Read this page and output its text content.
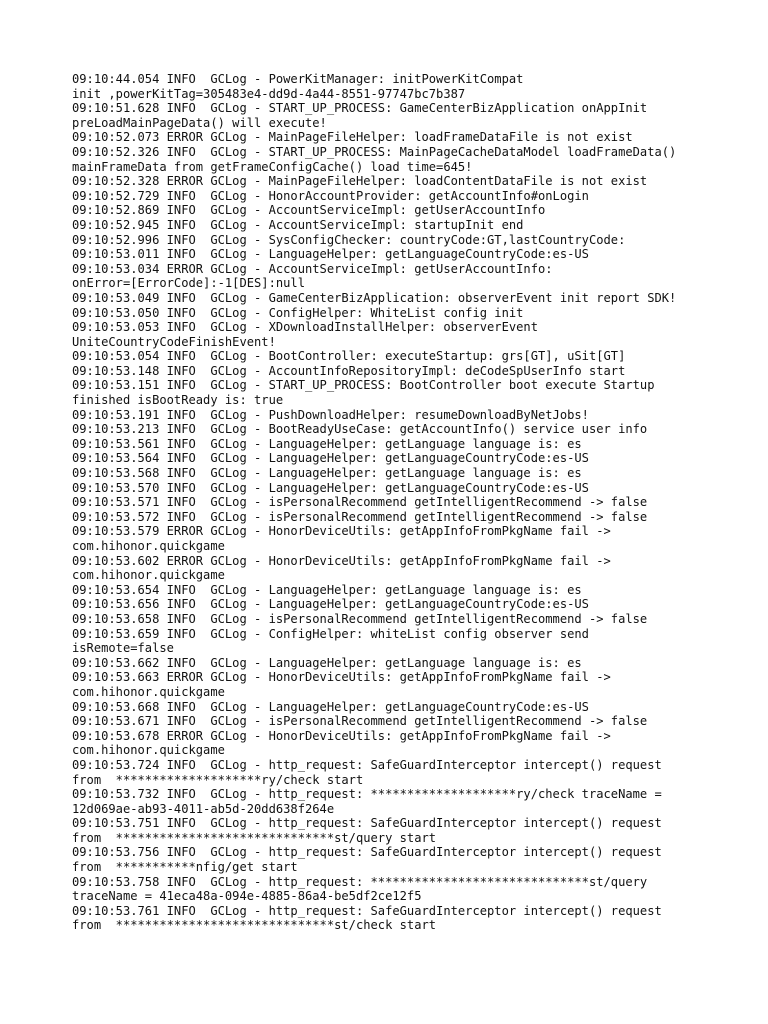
09:10:44.054 INFO  GCLog - PowerKitManager: initPowerKitCompat
init ,powerKitTag=305483e4-dd9d-4a44-8551-97747bc7b387
09:10:51.628 INFO  GCLog - START_UP_PROCESS: GameCenterBizApplication onAppInit
preLoadMainPageData() will execute!
09:10:52.073 ERROR GCLog - MainPageFileHelper: loadFrameDataFile is not exist
09:10:52.326 INFO  GCLog - START_UP_PROCESS: MainPageCacheDataModel loadFrameData()
mainFrameData from getFrameConfigCache() load time=645!
09:10:52.328 ERROR GCLog - MainPageFileHelper: loadContentDataFile is not exist
09:10:52.729 INFO  GCLog - HonorAccountProvider: getAccountInfo#onLogin
09:10:52.869 INFO  GCLog - AccountServiceImpl: getUserAccountInfo
09:10:52.945 INFO  GCLog - AccountServiceImpl: startupInit end
09:10:52.996 INFO  GCLog - SysConfigChecker: countryCode:GT,lastCountryCode:
09:10:53.011 INFO  GCLog - LanguageHelper: getLanguageCountryCode:es-US
09:10:53.034 ERROR GCLog - AccountServiceImpl: getUserAccountInfo:
onError=[ErrorCode]:-1[DES]:null
09:10:53.049 INFO  GCLog - GameCenterBizApplication: observerEvent init report SDK!
09:10:53.050 INFO  GCLog - ConfigHelper: WhiteList config init
09:10:53.053 INFO  GCLog - XDownloadInstallHelper: observerEvent
UniteCountryCodeFinishEvent!
09:10:53.054 INFO  GCLog - BootController: executeStartup: grs[GT], uSit[GT]
09:10:53.148 INFO  GCLog - AccountInfoRepositoryImpl: deCodeSpUserInfo start
09:10:53.151 INFO  GCLog - START_UP_PROCESS: BootController boot execute Startup
finished isBootReady is: true
09:10:53.191 INFO  GCLog - PushDownloadHelper: resumeDownloadByNetJobs!
09:10:53.213 INFO  GCLog - BootReadyUseCase: getAccountInfo() service user info
09:10:53.561 INFO  GCLog - LanguageHelper: getLanguage language is: es
09:10:53.564 INFO  GCLog - LanguageHelper: getLanguageCountryCode:es-US
09:10:53.568 INFO  GCLog - LanguageHelper: getLanguage language is: es
09:10:53.570 INFO  GCLog - LanguageHelper: getLanguageCountryCode:es-US
09:10:53.571 INFO  GCLog - isPersonalRecommend getIntelligentRecommend -> false
09:10:53.572 INFO  GCLog - isPersonalRecommend getIntelligentRecommend -> false
09:10:53.579 ERROR GCLog - HonorDeviceUtils: getAppInfoFromPkgName fail ->
com.hihonor.quickgame
09:10:53.602 ERROR GCLog - HonorDeviceUtils: getAppInfoFromPkgName fail ->
com.hihonor.quickgame
09:10:53.654 INFO  GCLog - LanguageHelper: getLanguage language is: es
09:10:53.656 INFO  GCLog - LanguageHelper: getLanguageCountryCode:es-US
09:10:53.658 INFO  GCLog - isPersonalRecommend getIntelligentRecommend -> false
09:10:53.659 INFO  GCLog - ConfigHelper: whiteList config observer send
isRemote=false
09:10:53.662 INFO  GCLog - LanguageHelper: getLanguage language is: es
09:10:53.663 ERROR GCLog - HonorDeviceUtils: getAppInfoFromPkgName fail ->
com.hihonor.quickgame
09:10:53.668 INFO  GCLog - LanguageHelper: getLanguageCountryCode:es-US
09:10:53.671 INFO  GCLog - isPersonalRecommend getIntelligentRecommend -> false
09:10:53.678 ERROR GCLog - HonorDeviceUtils: getAppInfoFromPkgName fail ->
com.hihonor.quickgame
09:10:53.724 INFO  GCLog - http_request: SafeGuardInterceptor intercept() request
from  ********************ry/check start
09:10:53.732 INFO  GCLog - http_request: ********************ry/check traceName =
12d069ae-ab93-4011-ab5d-20dd638f264e
09:10:53.751 INFO  GCLog - http_request: SafeGuardInterceptor intercept() request
from  ******************************st/query start
09:10:53.756 INFO  GCLog - http_request: SafeGuardInterceptor intercept() request
from  ***********nfig/get start
09:10:53.758 INFO  GCLog - http_request: ******************************st/query
traceName = 41eca48a-094e-4885-86a4-be5df2ce12f5
09:10:53.761 INFO  GCLog - http_request: SafeGuardInterceptor intercept() request
from  ******************************st/check start
